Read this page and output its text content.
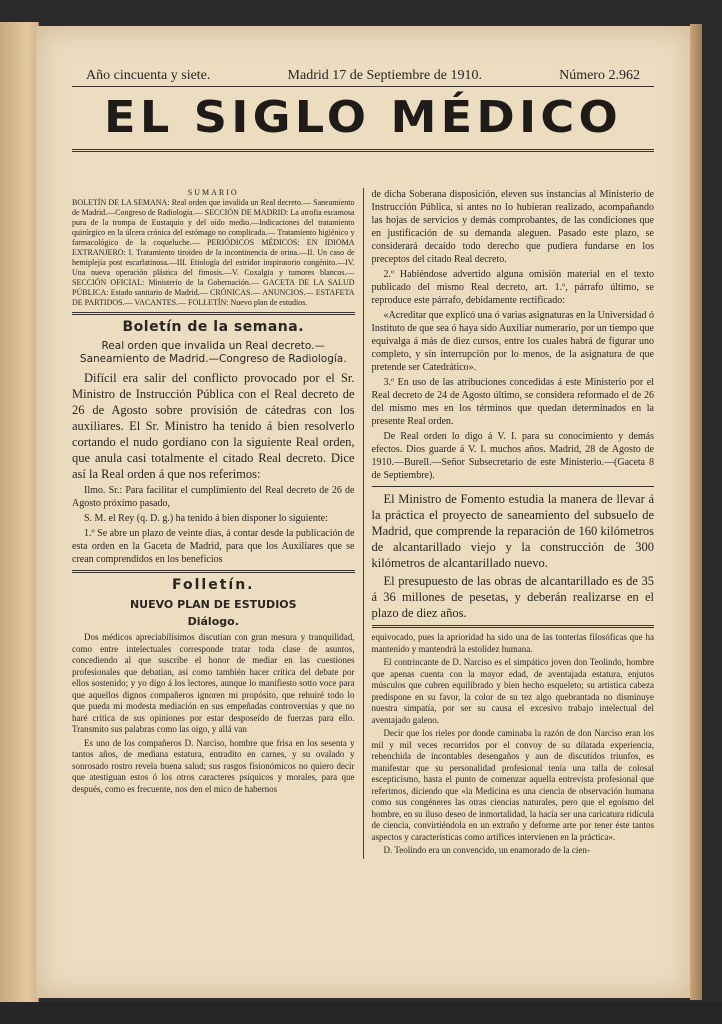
Año cincuenta y siete.	Madrid 17 de Septiembre de 1910.	Número 2.962
EL SIGLO MÉDICO
SUMARIO
BOLETÍN DE LA SEMANA: Real orden que invalida un Real decreto.— Saneamiento de Madrid.—Congreso de Radiología.— SECCIÓN DE MADRID: La atrofia escamosa pura de la trompa de Eustaquio y del oído medio.—Indicaciones del tratamiento quirúrgico en la úlcera crónica del estómago no complicada.— Tratamiento higiénico y farmacológico de la coqueluche.— PERIÓDICOS MÉDICOS: EN IDIOMA EXTRANJERO: I. Tratamiento tiroideo de la incontinencia de orina.—II. Un caso de hemiplejía post escarlatinosa.—III. Etiología del estridor inspiratorio congénito.—IV. Una nueva operación plástica del fimosis.—V. Coxalgia y tumores blancos.— SECCIÓN OFICIAL: Ministerio de la Gobernación.— GACETA DE LA SALUD PÚBLICA: Estado sanitario de Madrid.— CRÓNICAS.— ANUNCIOS.— ESTAFETA DE PARTIDOS.— VACANTES.— FOLLETÍN: Nuevo plan de estudios.
Boletín de la semana.
Real orden que invalida un Real decreto.—Saneamiento de Madrid.—Congreso de Radiología.

Difícil era salir del conflicto provocado por el Sr. Ministro de Instrucción Pública con el Real decreto de 26 de Agosto sobre provisión de cátedras con los auxiliares. El Sr. Ministro ha tenido á bien resolverlo cortando el nudo gordiano con la siguiente Real orden, que anula casi totalmente el citado Real decreto. Dice así la Real orden á que nos referimos:

Ilmo. Sr.: Para facilitar el cumplimiento del Real decreto de 26 de Agosto próximo pasado,

S. M. el Rey (q. D. g.) ha tenido á bien disponer lo siguiente:

1.º Se abre un plazo de veinte días, á contar desde la publicación de esta orden en la Gaceta de Madrid, para que los Auxiliares que se crean comprendidos en los beneficios

Folletín.
NUEVO PLAN DE ESTUDIOS
Diálogo.

Dos médicos apreciabilísimos discutían con gran mesura y tranquilidad, como entre intelectuales corresponde tratar toda clase de asuntos, concediendo al que suscribe el honor de mediar en las cuestiones profesionales que debatían, así como también hacer crítica del debate por ellos sostenido; y yo digo á los lectores, aunque lo manifiesto sotto voce para que aquellos dignos compañeros ignoren mi propósito, que rehuiré todo lo que pueda mi modesta mediación en sus empeñadas controversias y que no haré crítica de sus opiniones por estar desposeído de fuerzas para ello. Transmito sus palabras como las oigo, y allá van

Es uno de los compañeros D. Narciso, hombre que frisa en los sesenta y tantos años, de mediana estatura, entradito en carnes, y su ovalado y sonrosado rostro revela buena salud; sus rasgos fisionómicos no quiero decir que atestiguan estos ó los otros caracteres psíquicos y morales, para que después, como es frecuente, nos den el mico de habernos

de dicha Soberana disposición, eleven sus instancias al Ministerio de Instrucción Pública, si antes no lo hubieran realizado, acompañando las hojas de servicios y demás comprobantes, de las condiciones que en justificación de su demanda aleguen. Pasado este plazo, se considerará decaído todo derecho que pudiera fundarse en los preceptos del citado Real decreto.

2.º Habiéndose advertido alguna omisión material en el texto publicado del mismo Real decreto, art. 1.º, párrafo último, se reproduce este párrafo, debidamente rectificado:

«Acreditar que explicó una ó varias asignaturas en la Universidad ó Instituto de que sea ó haya sido Auxiliar numerario, por un tiempo que equivalga á más de diez cursos, entre los cuales habrá de figurar uno completo, y sin interrupción por lo menos, de la asignatura de que pretende ser Catedrático».

3.º En uso de las atribuciones concedidas á este Ministerio por el Real decreto de 24 de Agosto último, se considera reformado el de 26 del mismo mes en los términos que quedan determinados en la presente Real orden.

De Real orden lo digo á V. I. para su conocimiento y demás efectos. Dios guarde á V. I. muchos años. Madrid, 28 de Agosto de 1910.—Burell.—Señor Subsecretario de este Ministerio.—(Gaceta 8 de Septiembre).

El Ministro de Fomento estudia la manera de llevar á la práctica el proyecto de saneamiento del subsuelo de Madrid, que comprende la reparación de 160 kilómetros de alcantarillado viejo y la construcción de 300 kilómetros de alcantarillado nuevo.

El presupuesto de las obras de alcantarillado es de 35 á 36 millones de pesetas, y deberán realizarse en el plazo de diez años.

equivocado, pues la aprioridad ha sido una de las tonterías filosóficas que ha mantenido y mantendrá la estolidez humana.

El contrincante de D. Narciso es el simpático joven don Teolindo, hombre que apenas cuenta con la mayor edad, de aventajada estatura, enjutos músculos que cubren equilibrado y bien hecho esqueleto; su artística cabeza predispone en su favor, la color de su tez algo quebrantada no disminuye nuestra simpatía, por ser su causa el excesivo trabajo intelectual del aventajado galeno.

Decir que los rieles por donde caminaba la razón de don Narciso eran los mil y mil veces recorridos por el convoy de su dilatada experiencia, rehenchida de incontables desengaños y aun de discutidos triunfos, es manifestar que su personalidad profesional tenía una talla de colosal escepticismo, hasta el punto de comenzar aquella entrevista profesional que referimos, diciendo que «la Medicina es una ciencia de observación humana como sus congéneres las otras ciencias naturales, pero que el egoísmo del hombre, en su iluso deseo de inmortalidad, la hacía ser una caricatura ridícula de ciencia, convirtiéndola en un extraño y deforme arte por tener éste tantos aspectos y características como artífices intervienen en la práctica».

D. Teolindo era un convencido, un enamorado de la cien-
